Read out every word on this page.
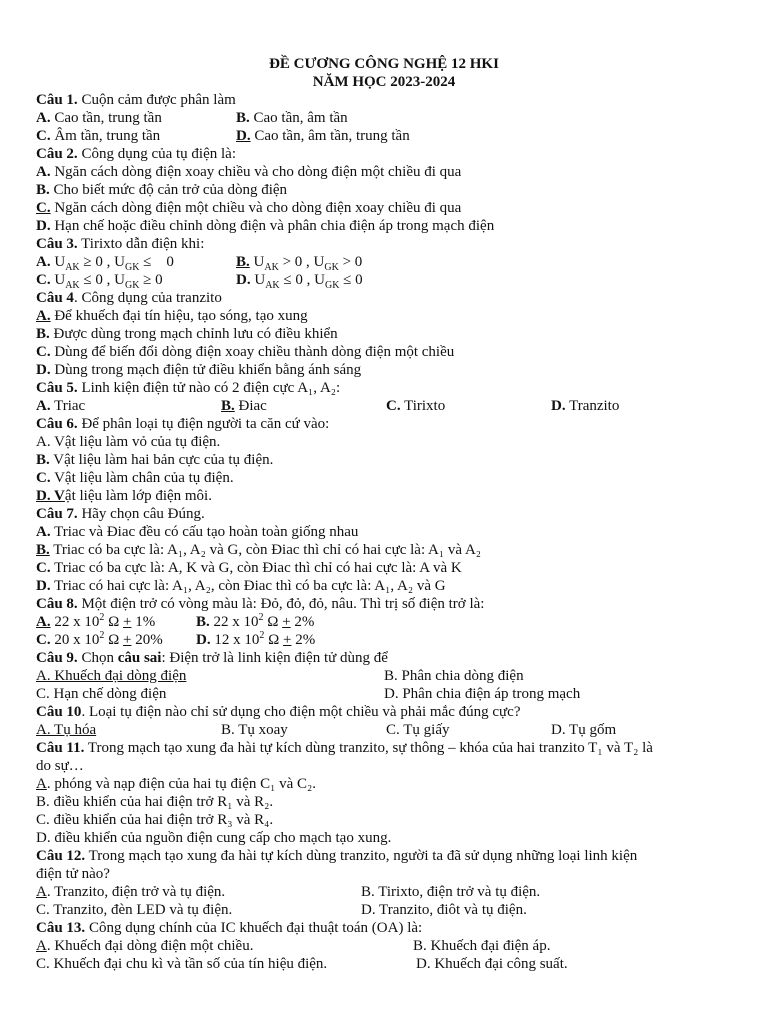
ĐỀ CƯƠNG CÔNG NGHỆ 12 HKI
NĂM HỌC 2023-2024
Câu 1. Cuộn cảm được phân làm
A. Cao tần, trung tần	B. Cao tần, âm tần
C. Âm tần, trung tần	D. Cao tần, âm tần, trung tần
Câu 2. Công dụng của tụ điện là:
A. Ngăn cách dòng điện xoay chiều và cho dòng điện một chiều đi qua
B. Cho biết mức độ cản trở của dòng điện
C. Ngăn cách dòng điện một chiều và cho dòng điện xoay chiều đi qua
D. Hạn chế hoặc điều chỉnh dòng điện và phân chia điện áp trong mạch điện
Câu 3. Tirixto dẫn điện khi:
A. $U_{AK} \ge 0$ , $U_{GK}$ ≤    0	B. $U_{AK} > 0$ , $U_{GK} > 0$
C. $U_{AK} \le 0$ , $U_{GK} \ge 0$	D. $U_{AK} \le 0$ , $U_{GK} \le 0$
Câu 4. Công dụng của tranzito
A. Để khuếch đại tín hiệu, tạo sóng, tạo xung
B. Được dùng trong mạch chỉnh lưu có điều khiển
C. Dùng để biến đổi dòng điện xoay chiều thành dòng điện một chiều
D. Dùng trong mạch điện tử điều khiển bằng ánh sáng
Câu 5. Linh kiện điện tử nào có 2 điện cực A₁, A₂:
A. Triac	B. Điac	C. Tirixto	D. Tranzito
Câu 6. Để phân loại tụ điện người ta căn cứ vào:
A. Vật liệu làm vỏ của tụ điện.
B. Vật liệu làm hai bản cực của tụ điện.
C. Vật liệu làm chân của tụ điện.
D. Vật liệu làm lớp điện môi.
Câu 7. Hãy chọn câu Đúng.
A. Triac và Điac đều có cấu tạo hoàn toàn giống nhau
B. Triac có ba cực là: A₁, A₂ và G, còn Điac thì chỉ có hai cực là: A₁ và A₂
C. Triac có ba cực là: A, K và G, còn Điac thì chỉ có hai cực là: A và K
D. Triac có hai cực là: A₁, A₂, còn Điac thì có ba cực là: A₁, A₂ và G
Câu 8. Một điện trở có vòng màu là: Đỏ, đỏ, đỏ, nâu. Thì trị số điện trở là:
A. 22 x $10^2$ Ω + 1%	B. 22 x $10^2$ Ω + 2%
C. 20 x $10^2$ Ω + 20%	D. 12 x $10^2$ Ω + 2%
Câu 9. Chọn câu sai: Điện trở là linh kiện điện tử dùng để
A. Khuếch đại dòng điện	B. Phân chia dòng điện
C. Hạn chế dòng điện	D. Phân chia điện áp trong mạch
Câu 10. Loại tụ điện nào chỉ sử dụng cho điện một chiều và phải mắc đúng cực?
A. Tụ hóa	B. Tụ xoay	C. Tụ giấy	D. Tụ gốm
Câu 11. Trong mạch tạo xung đa hài tự kích dùng tranzito, sự thông – khóa của hai tranzito T₁ và T₂ là
do sự…
A. phóng và nạp điện của hai tụ điện C₁ và C₂.
B. điều khiển của hai điện trở R₁ và R₂.
C. điều khiển của hai điện trở R₃ và R₄.
D. điều khiển của nguồn điện cung cấp cho mạch tạo xung.
Câu 12. Trong mạch tạo xung đa hài tự kích dùng tranzito, người ta đã sử dụng những loại linh kiện
điện tử nào?
A. Tranzito, điện trở và tụ điện.	B. Tirixto, điện trở và tụ điện.
C. Tranzito, đèn LED và tụ điện.	D. Tranzito, điôt và tụ điện.
Câu 13. Công dụng chính của IC khuếch đại thuật toán (OA) là:
A. Khuếch đại dòng điện một chiều.	B. Khuếch đại điện áp.
C. Khuếch đại chu kì và tần số của tín hiệu điện.	D. Khuếch đại công suất.
